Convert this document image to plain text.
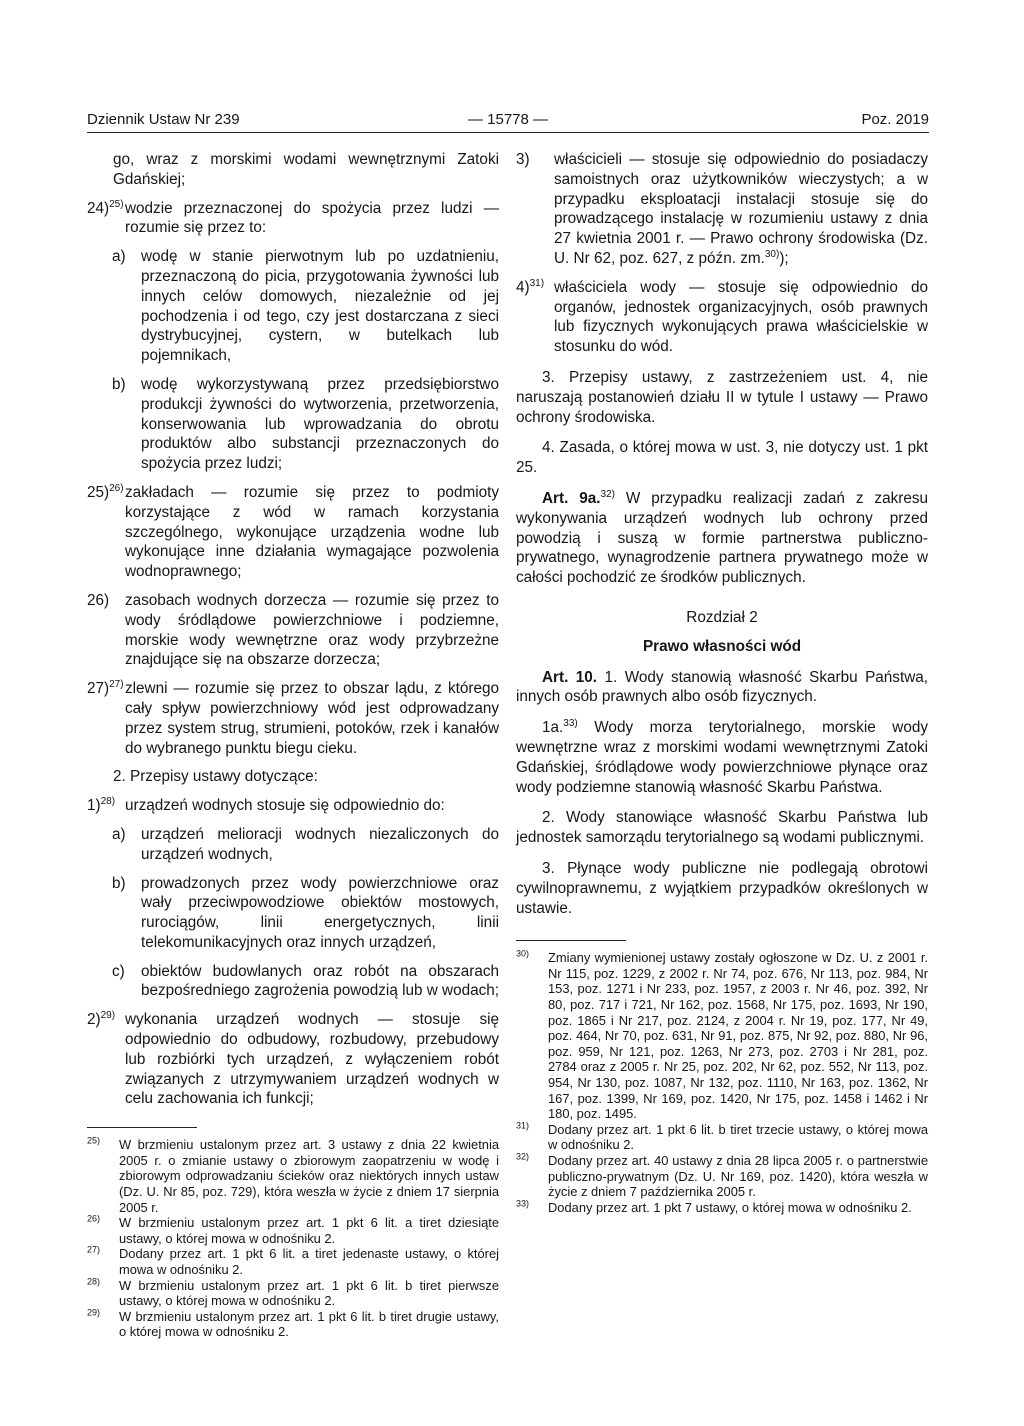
Dziennik Ustaw Nr 239	— 15778 —	Poz. 2019

go, wraz z morskimi wodami wewnętrznymi Zatoki Gdańskiej;

24)$^{25)}$ wodzie przeznaczonej do spożycia przez ludzi — rozumie się przez to:

a) wodę w stanie pierwotnym lub po uzdatnieniu, przeznaczoną do picia, przygotowania żywności lub innych celów domowych, niezależnie od jej pochodzenia i od tego, czy jest dostarczana z sieci dystrybucyjnej, cystern, w butelkach lub pojemnikach,

b) wodę wykorzystywaną przez przedsiębiorstwo produkcji żywności do wytworzenia, przetworzenia, konserwowania lub wprowadzania do obrotu produktów albo substancji przeznaczonych do spożycia przez ludzi;

25)$^{26)}$ zakładach — rozumie się przez to podmioty korzystające z wód w ramach korzystania szczególnego, wykonujące urządzenia wodne lub wykonujące inne działania wymagające pozwolenia wodnoprawnego;

26) zasobach wodnych dorzecza — rozumie się przez to wody śródlądowe powierzchniowe i podziemne, morskie wody wewnętrzne oraz wody przybrzeżne znajdujące się na obszarze dorzecza;

27)$^{27)}$ zlewni — rozumie się przez to obszar lądu, z którego cały spływ powierzchniowy wód jest odprowadzany przez system strug, strumieni, potoków, rzek i kanałów do wybranego punktu biegu cieku.

2. Przepisy ustawy dotyczące:

1)$^{28)}$ urządzeń wodnych stosuje się odpowiednio do:

a) urządzeń melioracji wodnych niezaliczonych do urządzeń wodnych,

b) prowadzonych przez wody powierzchniowe oraz wały przeciwpowodziowe obiektów mostowych, rurociągów, linii energetycznych, linii telekomunikacyjnych oraz innych urządzeń,

c) obiektów budowlanych oraz robót na obszarach bezpośredniego zagrożenia powodzią lub w wodach;

2)$^{29)}$ wykonania urządzeń wodnych — stosuje się odpowiednio do odbudowy, rozbudowy, przebudowy lub rozbiórki tych urządzeń, z wyłączeniem robót związanych z utrzymywaniem urządzeń wodnych w celu zachowania ich funkcji;

$^{25)}$ W brzmieniu ustalonym przez art. 3 ustawy z dnia 22 kwietnia 2005 r. o zmianie ustawy o zbiorowym zaopatrzeniu w wodę i zbiorowym odprowadzaniu ścieków oraz niektórych innych ustaw (Dz. U. Nr 85, poz. 729), która weszła w życie z dniem 17 sierpnia 2005 r.

$^{26)}$ W brzmieniu ustalonym przez art. 1 pkt 6 lit. a tiret dziesiąte ustawy, o której mowa w odnośniku 2.

$^{27)}$ Dodany przez art. 1 pkt 6 lit. a tiret jedenaste ustawy, o której mowa w odnośniku 2.

$^{28)}$ W brzmieniu ustalonym przez art. 1 pkt 6 lit. b tiret pierwsze ustawy, o której mowa w odnośniku 2.

$^{29)}$ W brzmieniu ustalonym przez art. 1 pkt 6 lit. b tiret drugie ustawy, o której mowa w odnośniku 2.

3) właścicieli — stosuje się odpowiednio do posiadaczy samoistnych oraz użytkowników wieczystych; a w przypadku eksploatacji instalacji stosuje się do prowadzącego instalację w rozumieniu ustawy z dnia 27 kwietnia 2001 r. — Prawo ochrony środowiska (Dz. U. Nr 62, poz. 627, z późn. zm.$^{30)}$);

4)$^{31)}$ właściciela wody — stosuje się odpowiednio do organów, jednostek organizacyjnych, osób prawnych lub fizycznych wykonujących prawa właścicielskie w stosunku do wód.

3. Przepisy ustawy, z zastrzeżeniem ust. 4, nie naruszają postanowień działu II w tytule I ustawy — Prawo ochrony środowiska.

4. Zasada, o której mowa w ust. 3, nie dotyczy ust. 1 pkt 25.

Art. 9a.$^{32)}$ W przypadku realizacji zadań z zakresu wykonywania urządzeń wodnych lub ochrony przed powodzią i suszą w formie partnerstwa publiczno-prywatnego, wynagrodzenie partnera prywatnego może w całości pochodzić ze środków publicznych.

Rozdział 2

Prawo własności wód

Art. 10. 1. Wody stanowią własność Skarbu Państwa, innych osób prawnych albo osób fizycznych.

1a.$^{33)}$ Wody morza terytorialnego, morskie wody wewnętrzne wraz z morskimi wodami wewnętrznymi Zatoki Gdańskiej, śródlądowe wody powierzchniowe płynące oraz wody podziemne stanowią własność Skarbu Państwa.

2. Wody stanowiące własność Skarbu Państwa lub jednostek samorządu terytorialnego są wodami publicznymi.

3. Płynące wody publiczne nie podlegają obrotowi cywilnoprawnemu, z wyjątkiem przypadków określonych w ustawie.

$^{30)}$ Zmiany wymienionej ustawy zostały ogłoszone w Dz. U. z 2001 r. Nr 115, poz. 1229, z 2002 r. Nr 74, poz. 676, Nr 113, poz. 984, Nr 153, poz. 1271 i Nr 233, poz. 1957, z 2003 r. Nr 46, poz. 392, Nr 80, poz. 717 i 721, Nr 162, poz. 1568, Nr 175, poz. 1693, Nr 190, poz. 1865 i Nr 217, poz. 2124, z 2004 r. Nr 19, poz. 177, Nr 49, poz. 464, Nr 70, poz. 631, Nr 91, poz. 875, Nr 92, poz. 880, Nr 96, poz. 959, Nr 121, poz. 1263, Nr 273, poz. 2703 i Nr 281, poz. 2784 oraz z 2005 r. Nr 25, poz. 202, Nr 62, poz. 552, Nr 113, poz. 954, Nr 130, poz. 1087, Nr 132, poz. 1110, Nr 163, poz. 1362, Nr 167, poz. 1399, Nr 169, poz. 1420, Nr 175, poz. 1458 i 1462 i Nr 180, poz. 1495.

$^{31)}$ Dodany przez art. 1 pkt 6 lit. b tiret trzecie ustawy, o której mowa w odnośniku 2.

$^{32)}$ Dodany przez art. 40 ustawy z dnia 28 lipca 2005 r. o partnerstwie publiczno-prywatnym (Dz. U. Nr 169, poz. 1420), która weszła w życie z dniem 7 października 2005 r.

$^{33)}$ Dodany przez art. 1 pkt 7 ustawy, o której mowa w odnośniku 2.
